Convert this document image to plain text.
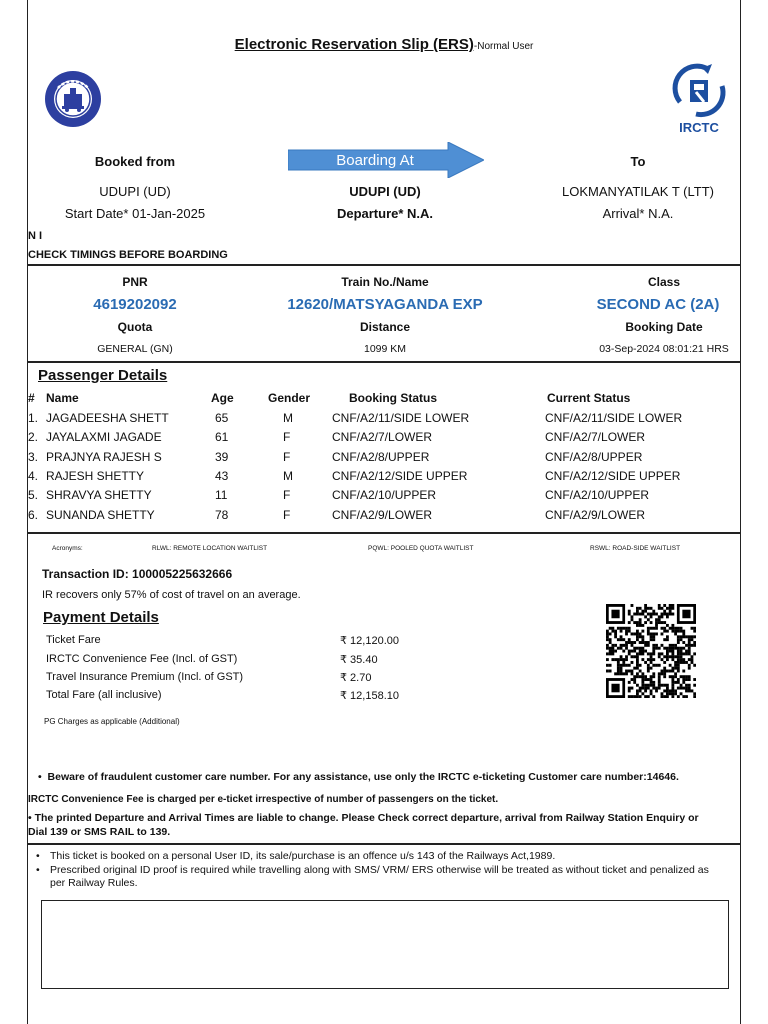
Electronic Reservation Slip (ERS)-Normal User
IRCTC
Booked from	Boarding At	To
UDUPI (UD)	UDUPI (UD)	LOKMANYATILAK T (LTT)
Start Date* 01-Jan-2025	Departure* N.A.	Arrival* N.A.
N I
CHECK TIMINGS BEFORE BOARDING
PNR	Train No./Name	Class
4619202092	12620/MATSYAGANDA EXP	SECOND AC (2A)
Quota	Distance	Booking Date
GENERAL (GN)	1099 KM	03-Sep-2024 08:01:21 HRS
Passenger Details
# Name	Age	Gender	Booking Status	Current Status
1. JAGADEESHA SHETT	65	M	CNF/A2/11/SIDE LOWER	CNF/A2/11/SIDE LOWER
2. JAYALAXMI JAGADE	61	F	CNF/A2/7/LOWER	CNF/A2/7/LOWER
3. PRAJNYA RAJESH S	39	F	CNF/A2/8/UPPER	CNF/A2/8/UPPER
4. RAJESH SHETTY	43	M	CNF/A2/12/SIDE UPPER	CNF/A2/12/SIDE UPPER
5. SHRAVYA SHETTY	11	F	CNF/A2/10/UPPER	CNF/A2/10/UPPER
6. SUNANDA SHETTY	78	F	CNF/A2/9/LOWER	CNF/A2/9/LOWER
Acronyms:	RLWL: REMOTE LOCATION WAITLIST	PQWL: POOLED QUOTA WAITLIST	RSWL: ROAD-SIDE WAITLIST
Transaction ID: 100005225632666
IR recovers only 57% of cost of travel on an average.
Payment Details
Ticket Fare	₹ 12,120.00
IRCTC Convenience Fee (Incl. of GST)	₹ 35.40
Travel Insurance Premium (Incl. of GST)	₹ 2.70
Total Fare (all inclusive)	₹ 12,158.10
PG Charges as applicable (Additional)
•  Beware of fraudulent customer care number. For any assistance, use only the IRCTC e-ticketing Customer care number:14646.
IRCTC Convenience Fee is charged per e-ticket irrespective of number of passengers on the ticket.
• The printed Departure and Arrival Times are liable to change. Please Check correct departure, arrival from Railway Station Enquiry or
Dial 139 or SMS RAIL to 139.
• This ticket is booked on a personal User ID, its sale/purchase is an offence u/s 143 of the Railways Act,1989.
• Prescribed original ID proof is required while travelling along with SMS/ VRM/ ERS otherwise will be treated as without ticket and penalized as per Railway Rules.
